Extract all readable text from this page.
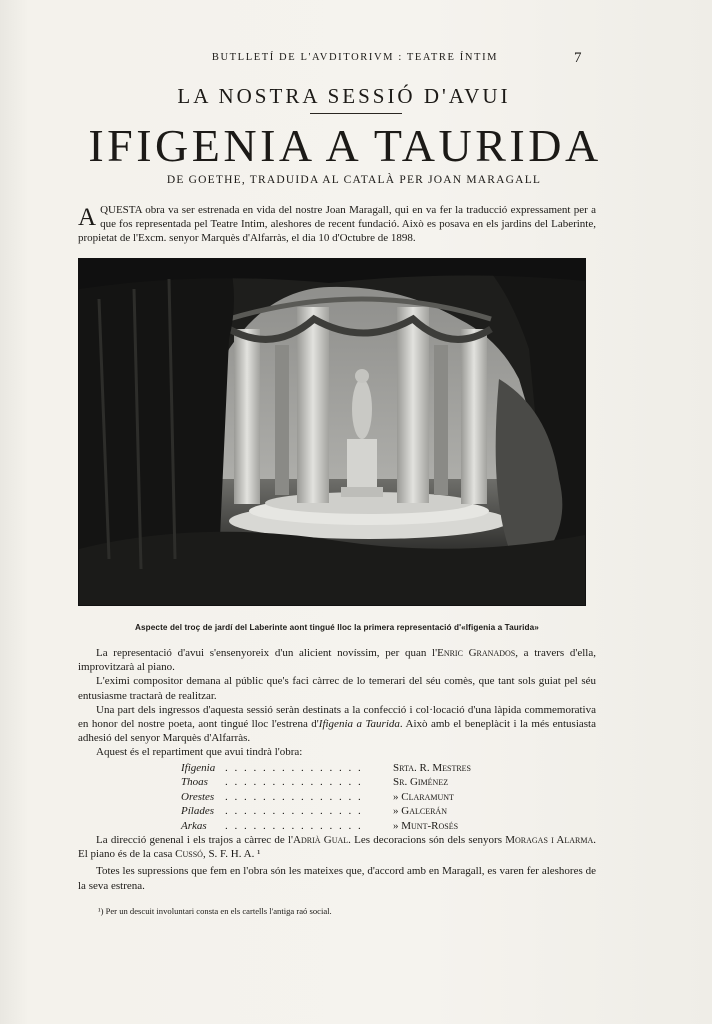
BUTLLETÍ DE L'AVDITORIVM : TEATRE ÍNTIM	7
LA NOSTRA SESSIÓ D'AVUI
IFIGENIA A TAURIDA
DE GOETHE, TRADUIDA AL CATALÀ PER JOAN MARAGALL

AQUESTA obra va ser estrenada en vida del nostre Joan Maragall, qui en va fer la traducció expressament per a que fos representada pel Teatre Intim, aleshores de recent fundació. Això es posava en els jardins del Laberinte, propietat de l'Excm. senyor Marquès d'Alfarràs, el dia 10 d'Octubre de 1898.

Aspecte del troç de jardí del Laberinte aont tingué lloc la primera representació d'«Ifigenia a Taurida»

La representació d'avui s'ensenyoreix d'un alicient novíssim, per quan l'Enric Granados, a travers d'ella, improvitzarà al piano.

L'eximi compositor demana al públic que's faci càrrec de lo temerari del séu comès, que tant sols guiat pel séu entusiasme tractarà de realitzar.

Una part dels ingressos d'aquesta sessió seràn destinats a la confecció i col·locació d'una làpida commemorativa en honor del nostre poeta, aont tingué lloc l'estrena d'Ifigenia a Taurida. Això amb el beneplàcit i la més entusiasta adhesió del senyor Marquès d'Alfarràs.

Aquest és el repartiment que avui tindrà l'obra:

Ifigenia . . . . . . . . . . . . . . .	Srta. R. Mestres
Thoas	. . . . . . . . . . . . . . .	Sr. Giménez
Orestes . . . . . . . . . . . . . . .	» Claramunt
Pílades	. . . . . . . . . . . . . . .	» Galcerán
Arkas	. . . . . . . . . . . . . . .	» Munt-Rosés

La direcció genenal i els trajos a càrrec de l'Adrià Gual. Les decoracions són dels senyors Moragas i Alarma. El piano és de la casa Cussó, S. F. H. A. ¹

Totes les supressions que fem en l'obra són les mateixes que, d'accord amb en Maragall, es varen fer aleshores de la seva estrena.

¹) Per un descuit involuntari consta en els cartells l'antiga raó social.
